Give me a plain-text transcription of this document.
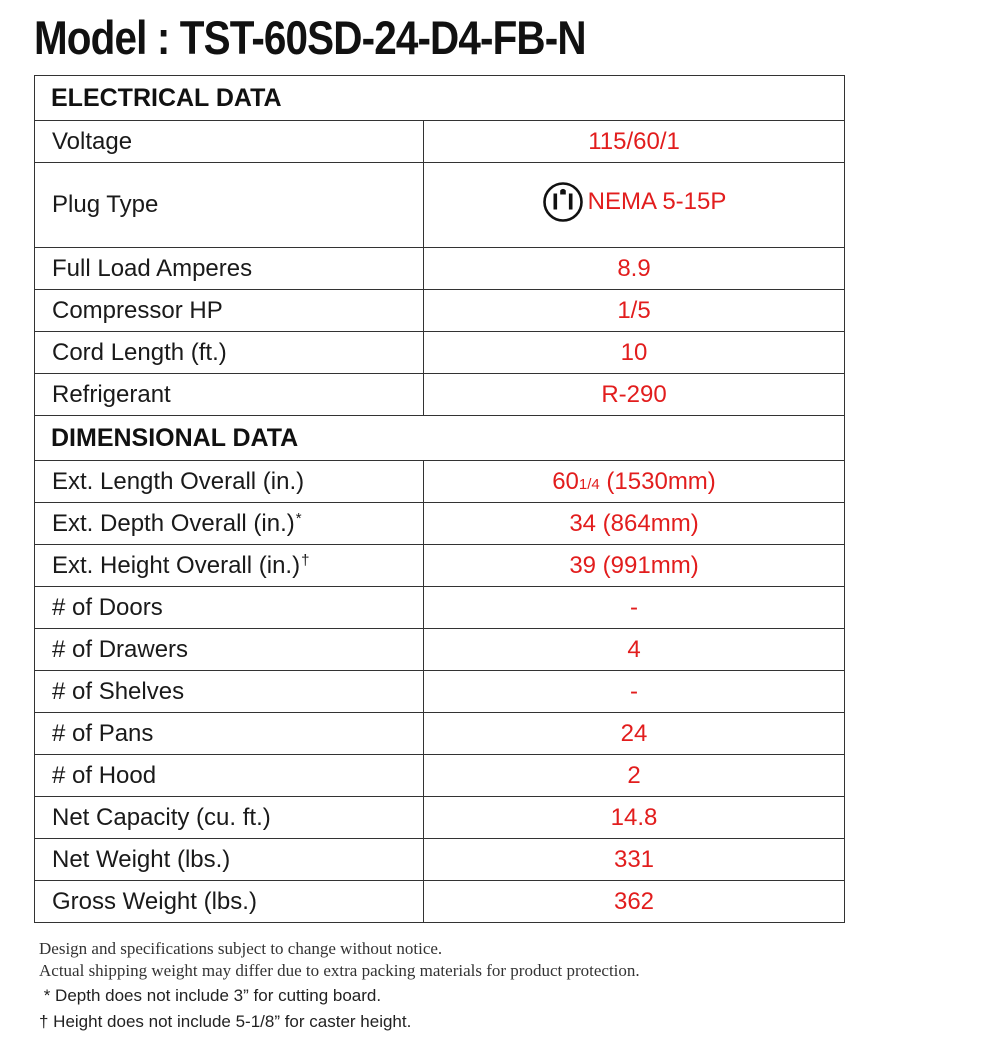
Model : TST-60SD-24-D4-FB-N
ELECTRICAL DATA	
Voltage	115/60/1
Plug Type	NEMA 5-15P

Full Load Amperes	8.9
Compressor HP	1/5
Cord Length (ft.)	10
Refrigerant	R-290
DIMENSIONAL DATA	
Ext. Length Overall (in.)	601/4 (1530mm)
Ext. Depth Overall (in.)*	34 (864mm)
Ext. Height Overall (in.)†	39 (991mm)
# of Doors	-
# of Drawers	4
# of Shelves	-
# of Pans	24
# of Hood	2
Net Capacity (cu. ft.)	14.8
Net Weight (lbs.)	331
Gross Weight (lbs.)	362

Design and specifications subject to change without notice.

Actual shipping weight may differ due to extra packing materials for product protection.

* Depth does not include 3” for cutting board.

† Height does not include 5-1/8” for caster height.
